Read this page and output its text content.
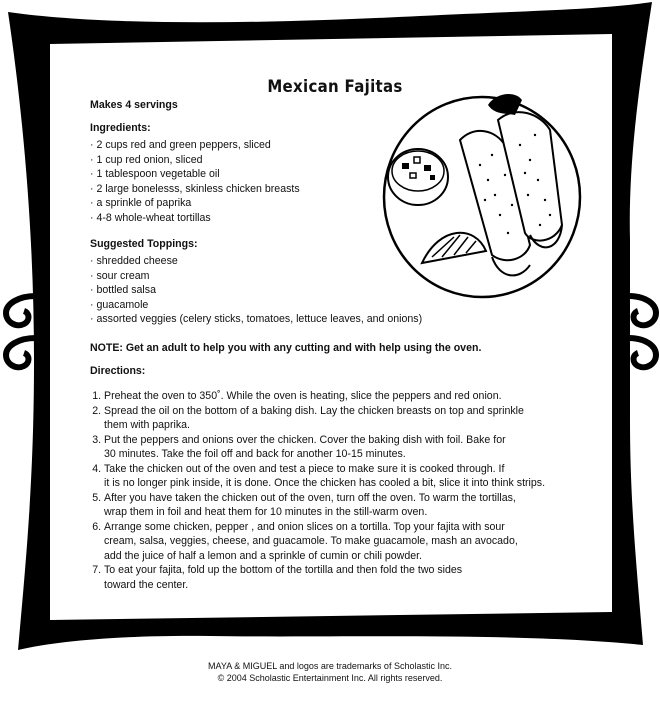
Mexican Fajitas
Makes 4 servings
Ingredients:
· 2 cups red and green peppers, sliced
· 1 cup red onion, sliced
· 1 tablespoon vegetable oil
· 2 large bonelesss, skinless chicken breasts
· a sprinkle of paprika
· 4-8 whole-wheat tortillas
Suggested Toppings:
· shredded cheese
· sour cream
· bottled salsa
· guacamole
· assorted veggies (celery sticks, tomatoes, lettuce leaves, and onions)
NOTE: Get an adult to help you with any cutting and with help using the oven.
Directions:
1. Preheat the oven to 350˚. While the oven is heating, slice the peppers and red onion.
2. Spread the oil on the bottom of a baking dish. Lay the chicken breasts on top and sprinkle
them with paprika.
3. Put the peppers and onions over the chicken. Cover the baking dish with foil. Bake for
30 minutes. Take the foil off and back for another 10-15 minutes.
4. Take the chicken out of the oven and test a piece to make sure it is cooked through. If
it is no longer pink inside, it is done. Once the chicken has cooled a bit, slice it into think strips.
5. After you have taken the chicken out of the oven, turn off the oven. To warm the tortillas,
wrap them in foil and heat them for 10 minutes in the still-warm oven.
6. Arrange some chicken, pepper , and onion slices on a tortilla. Top your fajita with sour
cream, salsa, veggies, cheese, and guacamole. To make guacamole, mash an avocado,
add the juice of half a lemon and a sprinkle of cumin or chili powder.
7. To eat your fajita, fold up the bottom of the tortilla and then fold the two sides
toward the center.
MAYA & MIGUEL and logos are trademarks of Scholastic Inc.
© 2004 Scholastic Entertainment Inc. All rights reserved.
